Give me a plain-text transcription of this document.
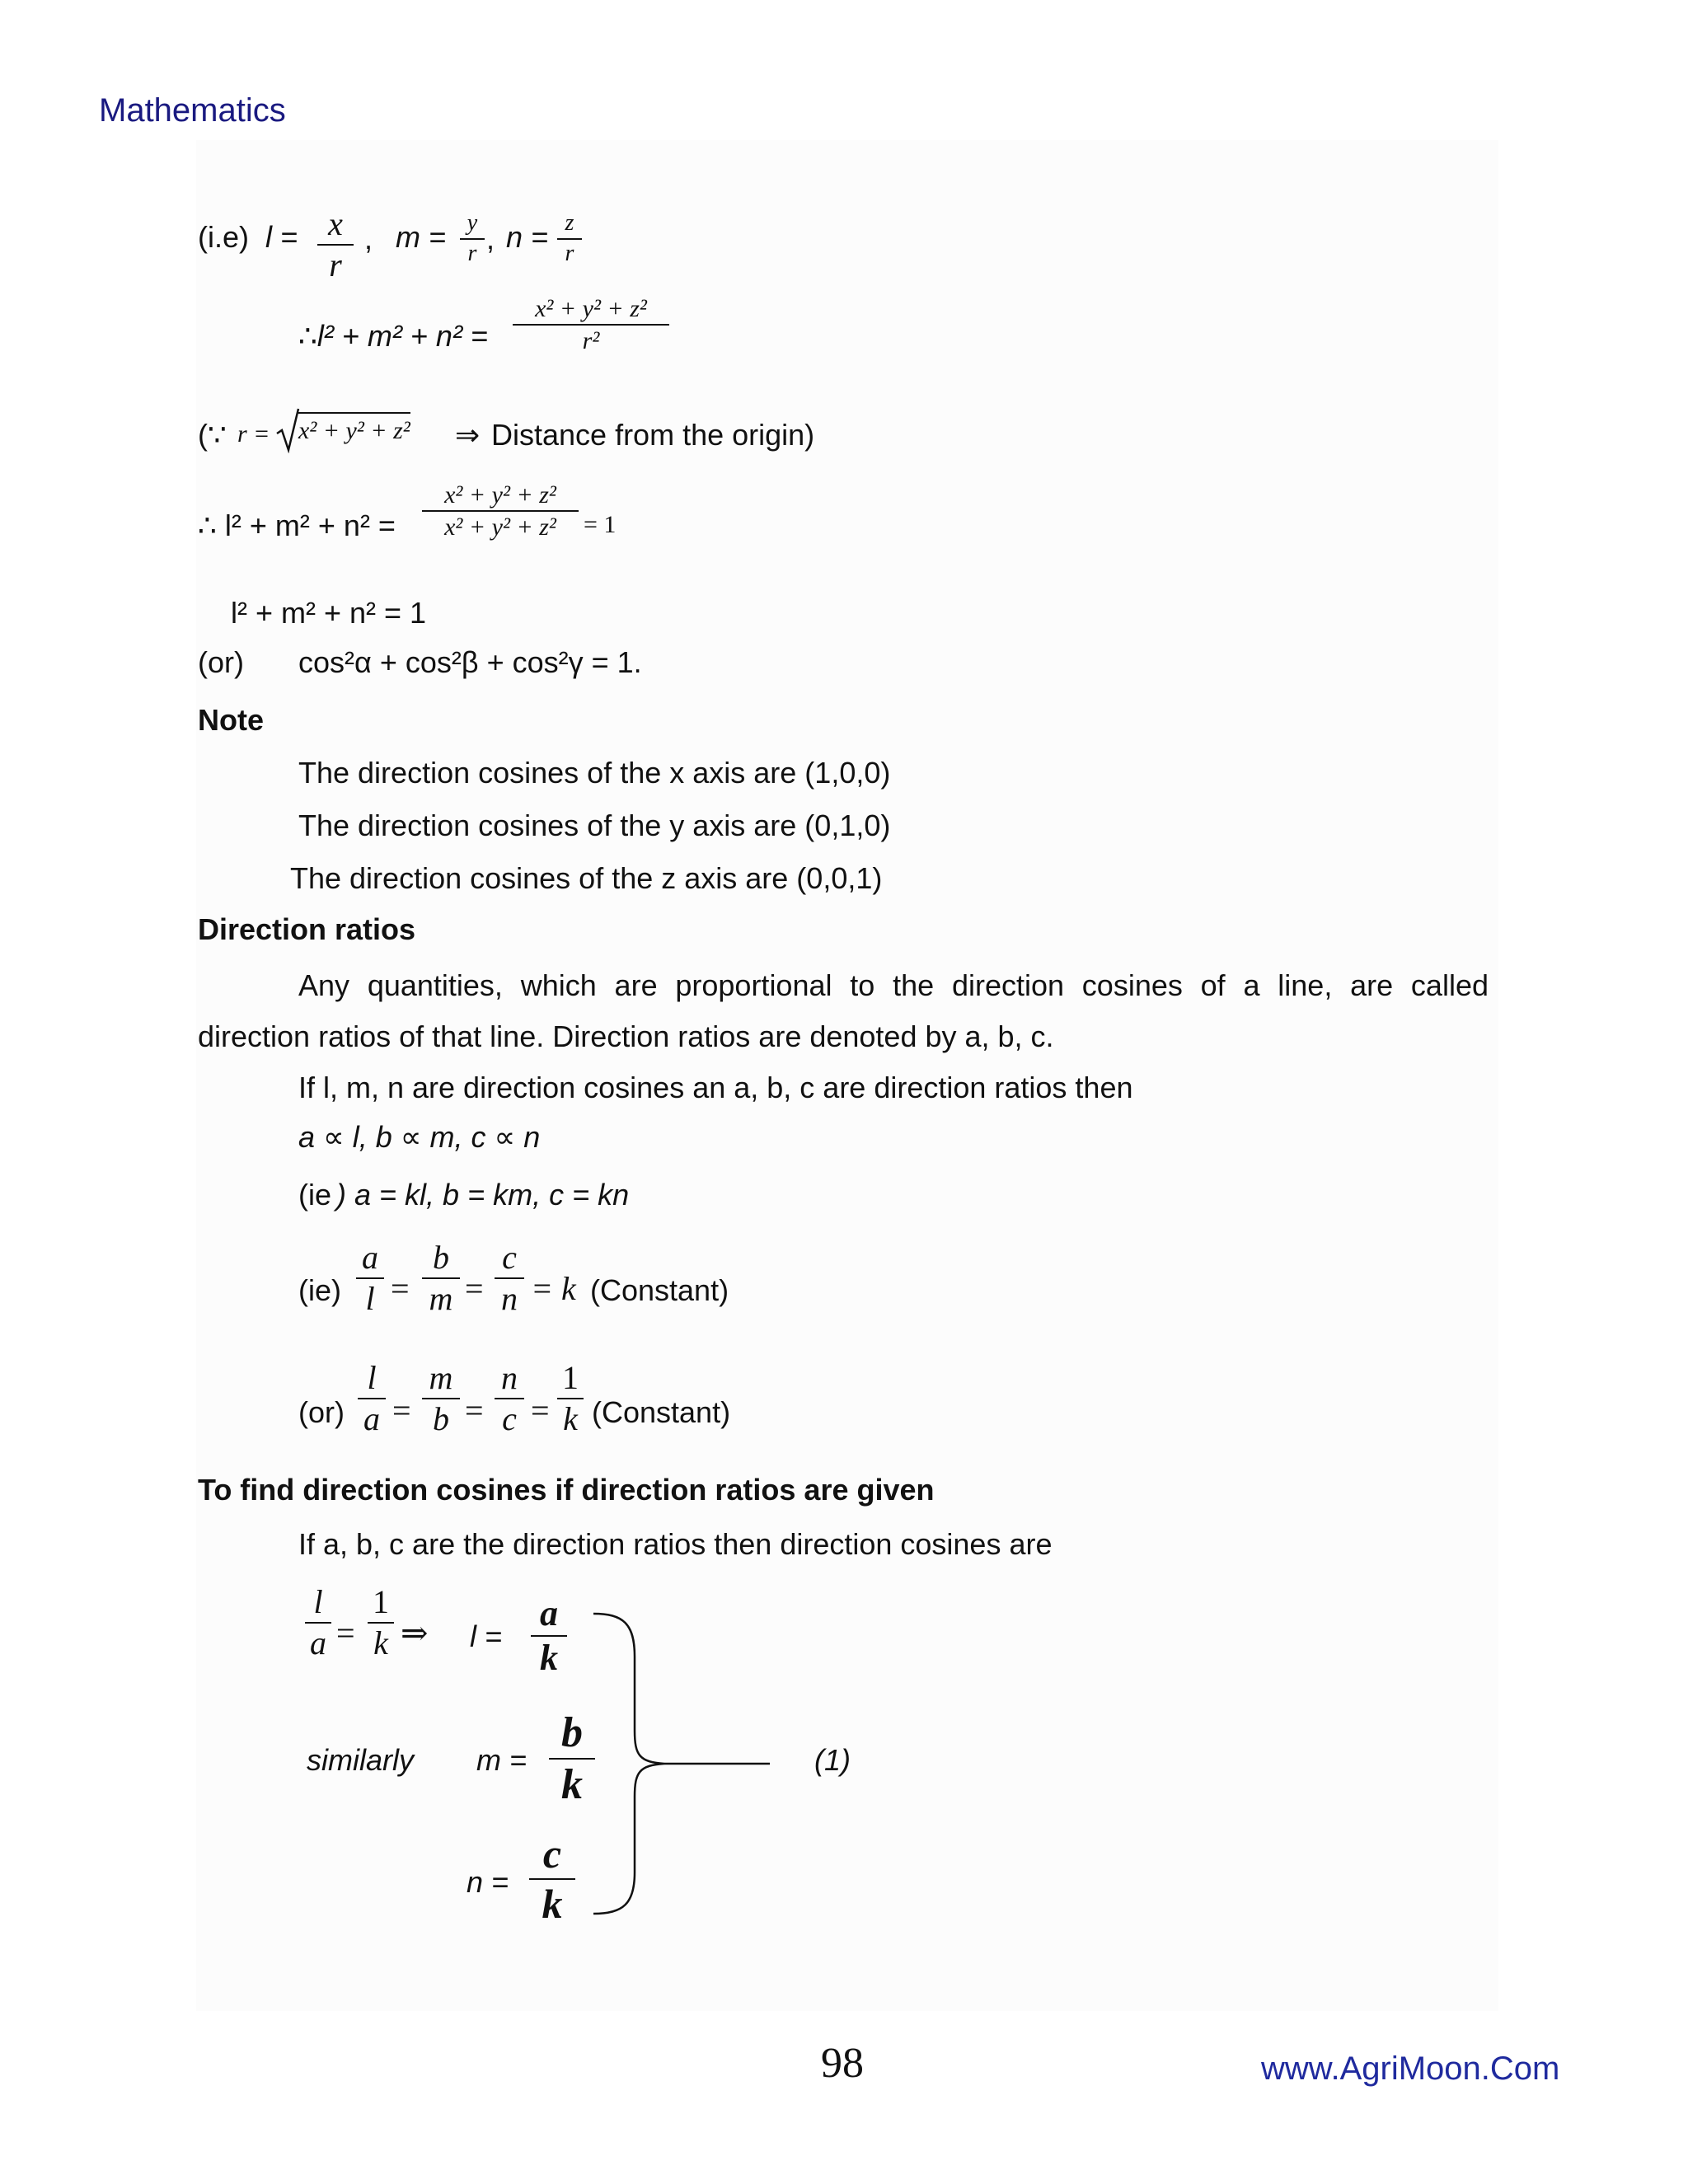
Mathematics
(i.e) l = x
r
, m = y
r , n = z
r
∴l² + m² + n² =
x² + y² + z²
r²
(∵ r = x² + y² + z² ⇒ Distance from the origin)
∴ l² + m² + n² =
x² + y² + z²
x² + y² + z²	= 1
l² + m² + n² = 1
(or) cos²α + cos²β + cos²γ = 1.
Note
The direction cosines of the x axis are (1,0,0)
The direction cosines of the y axis are (0,1,0)
The direction cosines of the z axis are (0,0,1)
Direction ratios
Any quantities, which are proportional to the direction cosines of a line, are called
direction ratios of that line. Direction ratios are denoted by a, b, c.
If l, m, n are direction cosines an a, b, c are direction ratios then
a ∝ l, b ∝ m, c ∝ n
(ie ) a = kl, b = km, c = kn
(ie)
a
l =
b
m =
c
n = k (Constant)
(or)
l
a =
m
b =
n
c =
1
k (Constant)
To find direction cosines if direction ratios are given
If a, b, c are the direction ratios then direction cosines are
l
a =
1
k ⇒ l =
a
k
similarly m =
b
k
n =
c
k
(1)
98	www.AgriMoon.Com
